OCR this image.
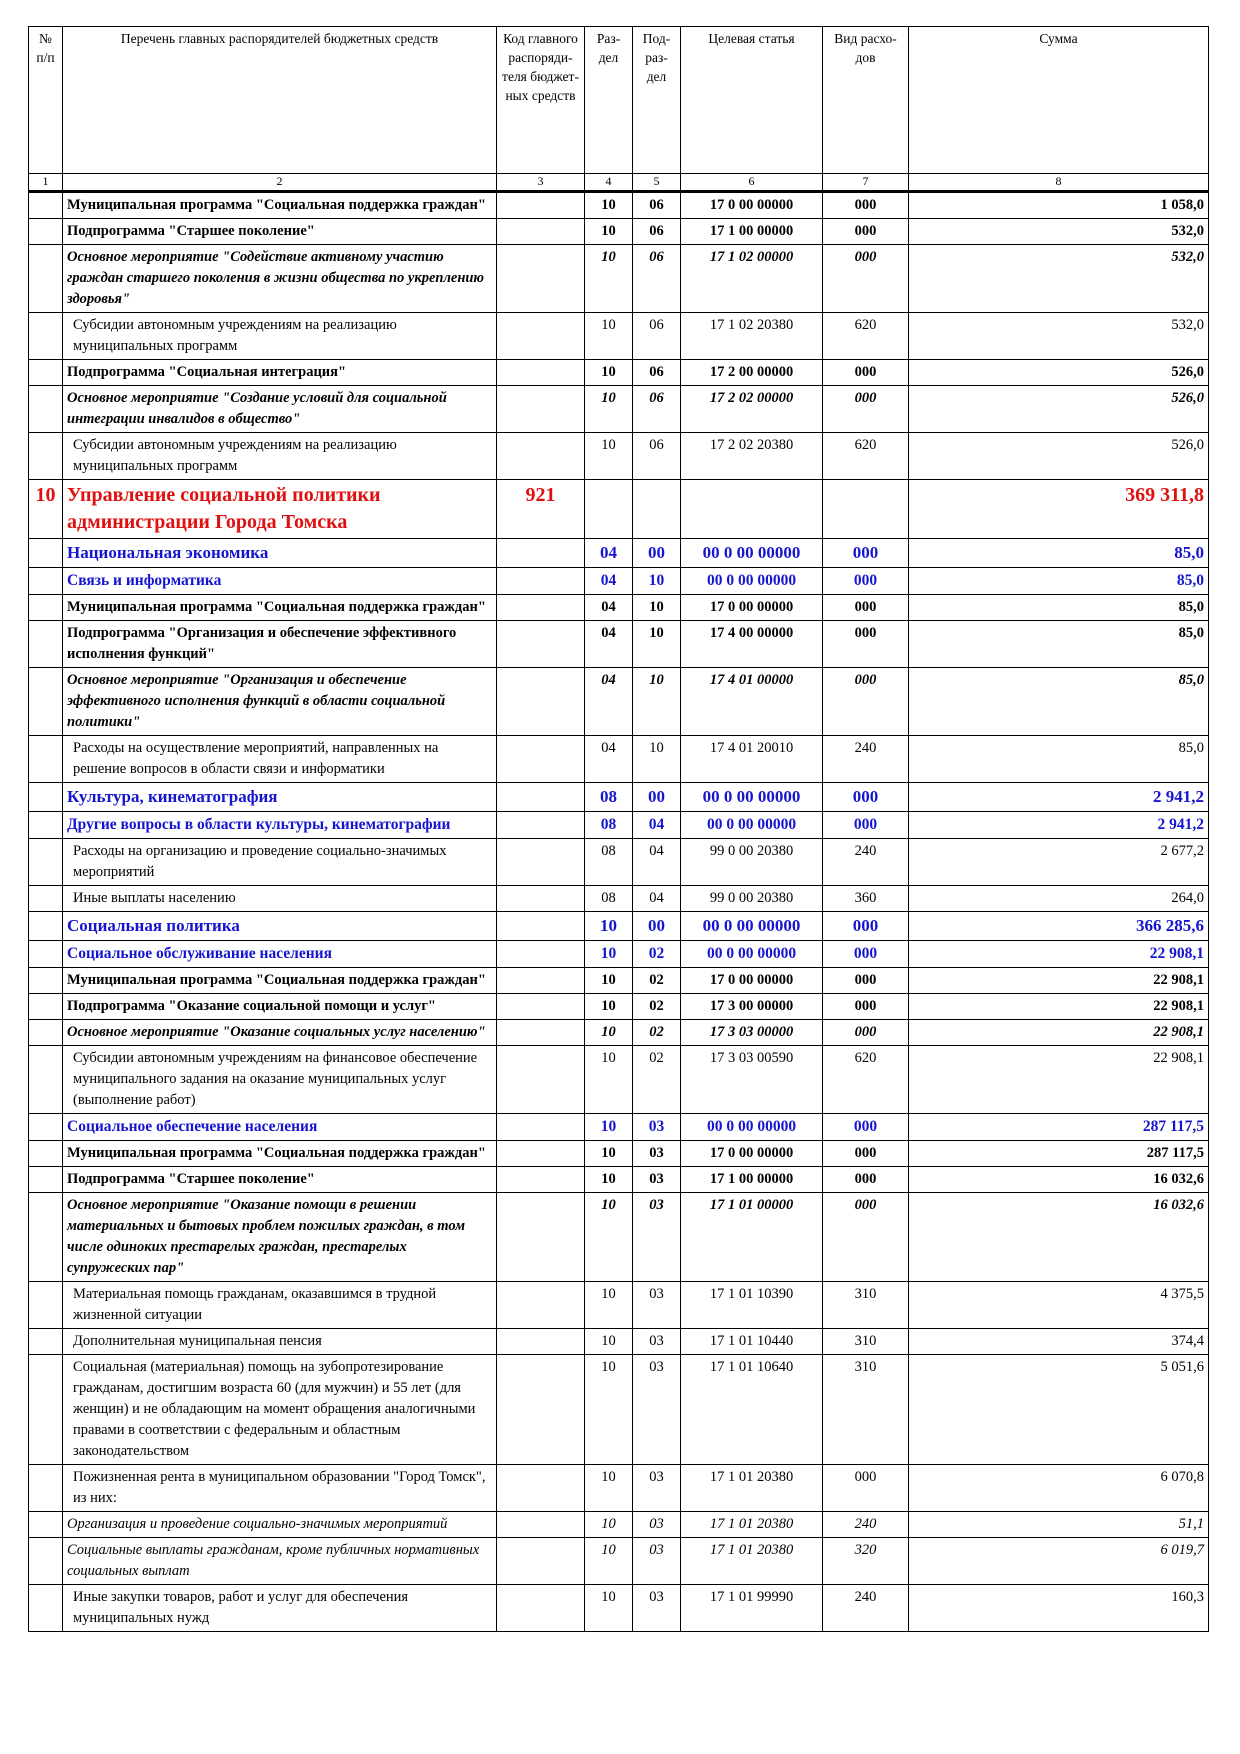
№ п/п	Перечень главных распорядителей бюджетных средств	Код главного распоряди-теля бюджет-ных средств	Раз-дел	Под-раз-дел	Целевая статья	Вид расхо-дов	Сумма
1	2	3	4	5	6	7	8
	Муниципальная программа "Социальная поддержка граждан"		10	06	17 0 00 00000	000	1 058,0
	Подпрограмма "Старшее поколение"		10	06	17 1 00 00000	000	532,0
	Основное мероприятие "Содействие активному участию граждан старшего поколения в жизни общества по укреплению здоровья"		10	06	17 1 02 00000	000	532,0
	Субсидии автономным учреждениям на реализацию муниципальных программ		10	06	17 1 02 20380	620	532,0
	Подпрограмма "Социальная интеграция"		10	06	17 2 00 00000	000	526,0
	Основное мероприятие "Создание условий для социальной интеграции инвалидов в общество"		10	06	17 2 02 00000	000	526,0
	Субсидии автономным учреждениям на реализацию муниципальных программ		10	06	17 2 02 20380	620	526,0
10	Управление социальной политики администрации Города Томска	921					369 311,8
	Национальная экономика		04	00	00 0 00 00000	000	85,0
	Связь и информатика		04	10	00 0 00 00000	000	85,0
	Муниципальная программа "Социальная поддержка граждан"		04	10	17 0 00 00000	000	85,0
	Подпрограмма "Организация и обеспечение эффективного исполнения функций"		04	10	17 4 00 00000	000	85,0
	Основное мероприятие "Организация и обеспечение эффективного исполнения функций в области социальной политики"		04	10	17 4 01 00000	000	85,0
	Расходы на осуществление мероприятий, направленных на решение вопросов в области связи и информатики		04	10	17 4 01 20010	240	85,0
	Культура, кинематография		08	00	00 0 00 00000	000	2 941,2
	Другие вопросы в области культуры, кинематографии		08	04	00 0 00 00000	000	2 941,2
	Расходы на организацию и проведение социально-значимых мероприятий		08	04	99 0 00 20380	240	2 677,2
	Иные выплаты населению		08	04	99 0 00 20380	360	264,0
	Социальная политика		10	00	00 0 00 00000	000	366 285,6
	Социальное обслуживание населения		10	02	00 0 00 00000	000	22 908,1
	Муниципальная программа "Социальная поддержка граждан"		10	02	17 0 00 00000	000	22 908,1
	Подпрограмма "Оказание социальной помощи и услуг"		10	02	17 3 00 00000	000	22 908,1
	Основное мероприятие "Оказание социальных услуг населению"		10	02	17 3 03 00000	000	22 908,1
	Субсидии автономным учреждениям на финансовое обеспечение муниципального задания на оказание муниципальных услуг (выполнение работ)		10	02	17 3 03 00590	620	22 908,1
	Социальное обеспечение населения		10	03	00 0 00 00000	000	287 117,5
	Муниципальная программа "Социальная поддержка граждан"		10	03	17 0 00 00000	000	287 117,5
	Подпрограмма "Старшее поколение"		10	03	17 1 00 00000	000	16 032,6
	Основное мероприятие "Оказание помощи в решении материальных и бытовых проблем пожилых граждан, в том числе одиноких престарелых граждан, престарелых супружеских пар"		10	03	17 1 01 00000	000	16 032,6
	Материальная помощь гражданам, оказавшимся в трудной жизненной ситуации		10	03	17 1 01 10390	310	4 375,5
	Дополнительная муниципальная пенсия		10	03	17 1 01 10440	310	374,4
	Социальная (материальная) помощь на зубопротезирование гражданам, достигшим возраста 60 (для мужчин) и 55 лет (для женщин) и не обладающим на момент обращения аналогичными правами в соответствии с федеральным и областным законодательством		10	03	17 1 01 10640	310	5 051,6
	Пожизненная рента в муниципальном образовании "Город Томск", из них:		10	03	17 1 01 20380	000	6 070,8
	Организация и проведение социально-значимых мероприятий		10	03	17 1 01 20380	240	51,1
	Социальные выплаты гражданам, кроме публичных нормативных социальных выплат		10	03	17 1 01 20380	320	6 019,7
	Иные закупки товаров, работ и услуг для обеспечения муниципальных нужд		10	03	17 1 01 99990	240	160,3
